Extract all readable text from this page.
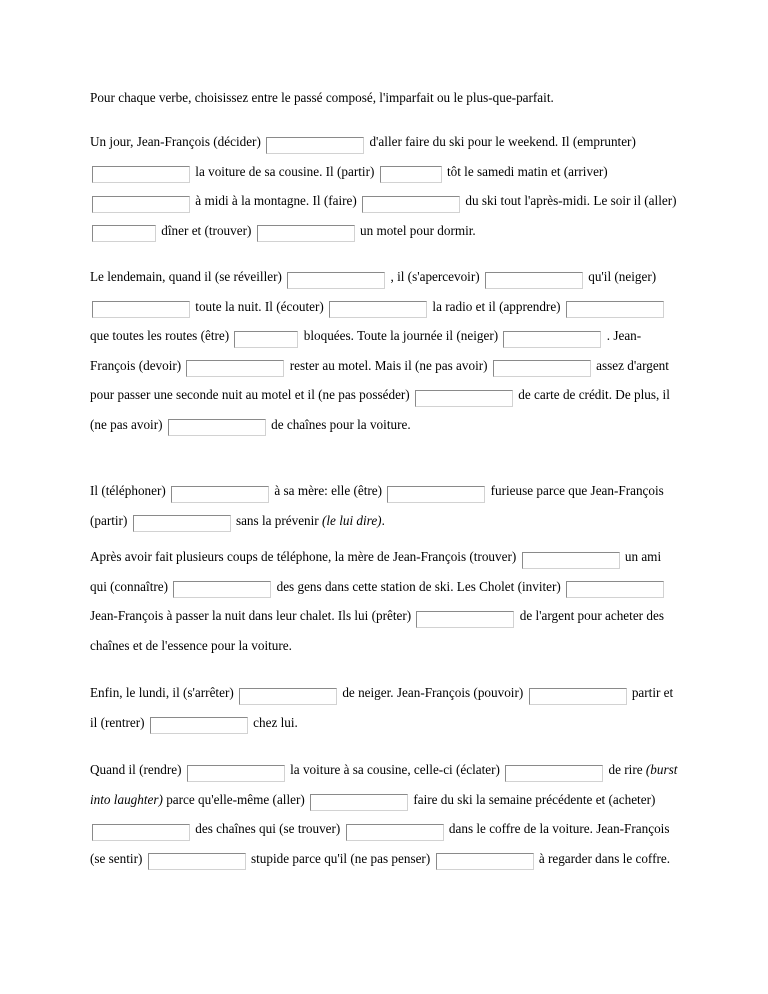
Pour chaque verbe, choisissez entre le passé composé, l'imparfait ou le plus-que-parfait.
Un jour, Jean-François (décider)	d'aller faire du ski pour le weekend. Il (emprunter)  la voiture de sa cousine. Il (partir)	tôt le samedi matin et (arriver)  à midi à la montagne. Il (faire)	du ski tout l'après-midi. Le soir il (aller)  dîner et (trouver)	un motel pour dormir.
Le lendemain, quand il (se réveiller)	, il (s'apercevoir)	qu'il (neiger)  toute la nuit. Il (écouter)	la radio et il (apprendre)  que toutes les routes (être)	bloquées. Toute la journée il (neiger)	. Jean-François (devoir)	rester au motel. Mais il (ne pas avoir)	assez d'argent pour passer une seconde nuit au motel et il (ne pas posséder)	de carte de crédit. De plus, il (ne pas avoir)	de chaînes pour la voiture.
Il (téléphoner)	à sa mère: elle (être)	furieuse parce que Jean-François (partir)	sans la prévenir (le lui dire).
Après avoir fait plusieurs coups de téléphone, la mère de Jean-François (trouver)	un ami qui (connaître)	des gens dans cette station de ski. Les Cholet (inviter)  Jean-François à passer la nuit dans leur chalet. Ils lui (prêter)	de l'argent pour acheter des chaînes et de l'essence pour la voiture.
Enfin, le lundi, il (s'arrêter)	de neiger. Jean-François (pouvoir)	partir et il (rentrer)	chez lui.
Quand il (rendre)	la voiture à sa cousine, celle-ci (éclater)	de rire (burst into laughter) parce qu'elle-même (aller)	faire du ski la semaine précédente et (acheter)  des chaînes qui (se trouver)	dans le coffre de la voiture. Jean-François (se sentir)	stupide parce qu'il (ne pas penser)	à regarder dans le coffre.
